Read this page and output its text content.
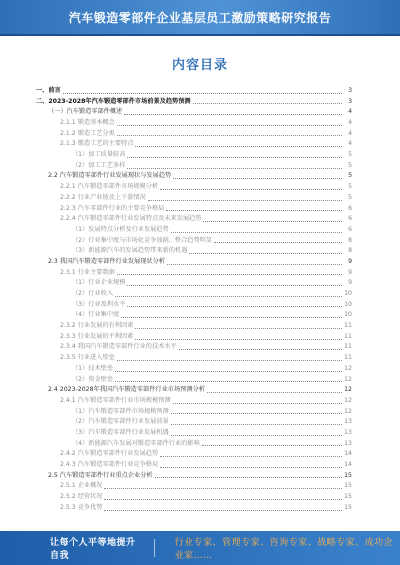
汽车锻造零部件企业基层员工激励策略研究报告
内容目录
一、前言	3
二、2023-2028年汽车锻造零部件市场前景及趋势预测	3
（一）汽车锻造零部件概述	4
2.1.1 锻造基本概念	4
2.1.2 锻造工艺分类	4
2.1.3 锻造工艺的主要特点	4
（1）加工质量较高	5
（2）加工工艺多样	5
2.2 汽车锻造零部件行业发展现状与发展趋势	5
2.2.1 汽车锻造零部件市场规模分析	5
2.2.2 行业产业链及上下游情况	5
2.2.3 汽车零部件行业的主要竞争格局	6
2.2.4 汽车锻造零部件行业发展特点及未来发展趋势	6
（1）发展特点分析及行业发展趋势	6
（2）行业集中度与市场化竞争加剧，整合趋势明显	8
（3）新能源汽车的发展趋势带来新的机遇	8
2.3 我国汽车锻造零部件行业发展现状分析	9
2.3.1 行业主要数据	9
（1）行业企业规模	9
（2）行业收入	10
（3）行业盈利水平	10
（4）行业集中度	10
2.3.2 行业发展的有利因素	11
2.3.3 行业发展的不利因素	11
2.3.4 我国汽车锻造零部件行业的技术水平	11
2.3.5 行业进入壁垒	11
（1）技术壁垒	12
（2）资金壁垒	12
2.4 2023-2028年我国汽车锻造零部件行业市场预测分析	12
2.4.1 汽车锻造零部件行业市场规模预测	12
（1）汽车锻造零部件市场规模预测	12
（2）汽车锻造零部件行业发展前景	13
（3）汽车锻造零部件行业发展机遇	13
（4）新能源汽车发展对锻造零部件行业的影响	13
2.4.2 汽车锻造零部件行业发展趋势	14
2.4.3 汽车锻造零部件行业竞争格局	14
2.5 汽车锻造零部件行业重点企业分析	15
2.5.1 企业概况	15
2.5.2 经营状况	15
2.5.3 竞争优势	15
让每个人平等地提升自我
行业专家、管理专家、咨询专家、战略专家、成功企业家……
